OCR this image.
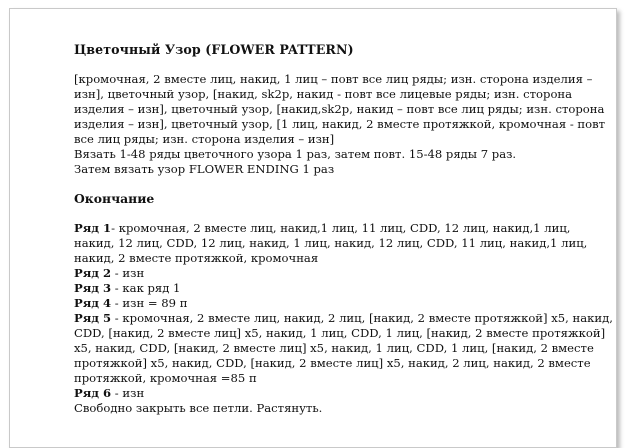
Цветочный Узор (FLOWER PATTERN)

[кромочная, 2 вместе лиц, накид, 1 лиц – повт все лиц ряды; изн. сторона изделия – изн], цветочный узор, [накид, sk2p, накид - повт все лицевые ряды; изн. сторона изделия – изн], цветочный узор, [накид,sk2p, накид – повт все лиц ряды; изн. сторона изделия – изн], цветочный узор, [1 лиц, накид, 2 вместе протяжкой, кромочная - повт все лиц ряды; изн. сторона изделия – изн]

Вязать 1-48 ряды цветочного узора 1 раз, затем повт. 15-48 ряды 7 раз.

Затем вязать узор FLOWER ENDING 1 раз

Окончание

Ряд 1- кромочная, 2 вместе лиц, накид,1 лиц, 11 лиц, CDD, 12 лиц, накид,1 лиц, накид, 12 лиц, CDD, 12 лиц, накид, 1 лиц, накид, 12 лиц, CDD, 11 лиц, накид,1 лиц, накид, 2 вместе протяжкой, кромочная

Ряд 2 - изн

Ряд 3 - как ряд 1

Ряд 4 - изн = 89 п

Ряд 5 - кромочная, 2 вместе лиц, накид, 2 лиц, [накид, 2 вместе протяжкой] x5, накид, CDD, [накид, 2 вместе лиц] x5, накид, 1 лиц, CDD, 1 лиц, [накид, 2 вместе протяжкой] x5, накид, CDD, [накид, 2 вместе лиц] x5, накид, 1 лиц, CDD, 1 лиц, [накид, 2 вместе протяжкой] x5, накид, CDD, [накид, 2 вместе лиц] x5, накид, 2 лиц, накид, 2 вместе протяжкой, кромочная =85 п

Ряд 6 - изн

Свободно закрыть все петли. Растянуть.
